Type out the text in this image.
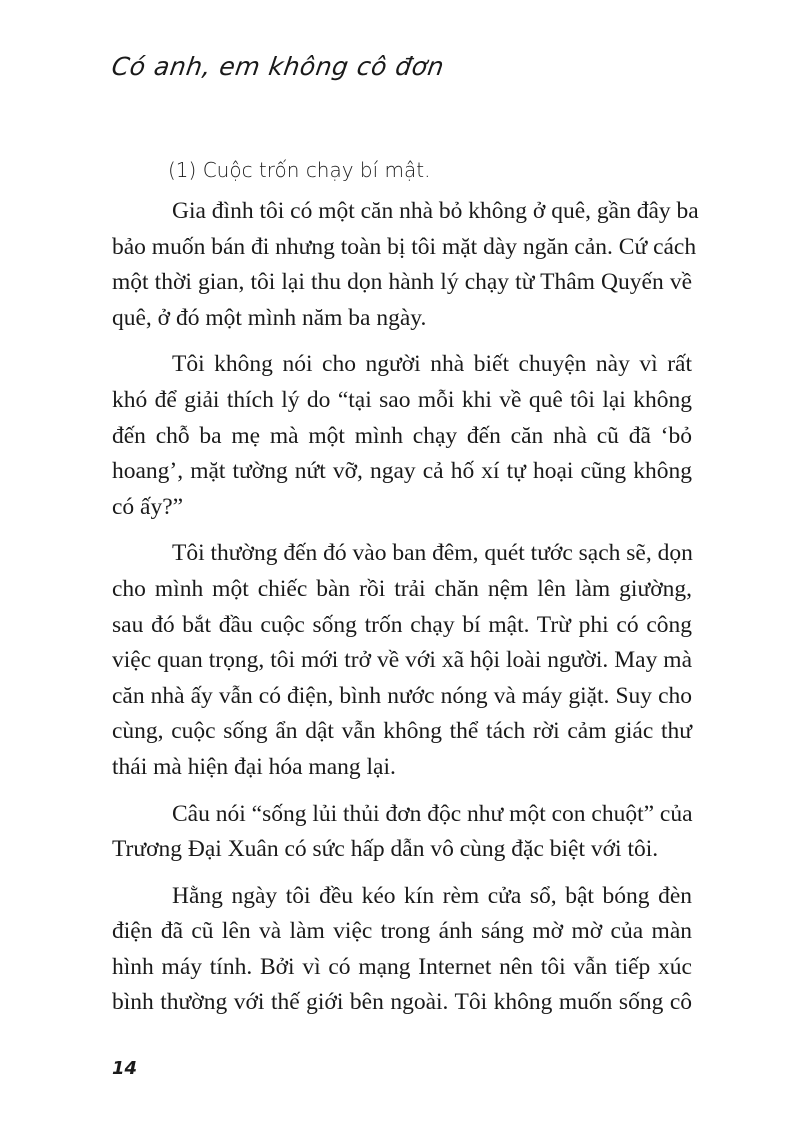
Có anh, em không cô đơn
(1) Cuộc trốn chạy bí mật.
Gia đình tôi có một căn nhà bỏ không ở quê, gần đây ba
bảo muốn bán đi nhưng toàn bị tôi mặt dày ngăn cản. Cứ cách
một thời gian, tôi lại thu dọn hành lý chạy từ Thâm Quyến về
quê, ở đó một mình năm ba ngày.
Tôi không nói cho người nhà biết chuyện này vì rất
khó để giải thích lý do “tại sao mỗi khi về quê tôi lại không
đến chỗ ba mẹ mà một mình chạy đến căn nhà cũ đã ‘bỏ
hoang’, mặt tường nứt vỡ, ngay cả hố xí tự hoại cũng không
có ấy?”
Tôi thường đến đó vào ban đêm, quét tước sạch sẽ, dọn
cho mình một chiếc bàn rồi trải chăn nệm lên làm giường,
sau đó bắt đầu cuộc sống trốn chạy bí mật. Trừ phi có công
việc quan trọng, tôi mới trở về với xã hội loài người. May mà
căn nhà ấy vẫn có điện, bình nước nóng và máy giặt. Suy cho
cùng, cuộc sống ẩn dật vẫn không thể tách rời cảm giác thư
thái mà hiện đại hóa mang lại.
Câu nói “sống lủi thủi đơn độc như một con chuột” của
Trương Đại Xuân có sức hấp dẫn vô cùng đặc biệt với tôi.
Hằng ngày tôi đều kéo kín rèm cửa sổ, bật bóng đèn
điện đã cũ lên và làm việc trong ánh sáng mờ mờ của màn
hình máy tính. Bởi vì có mạng Internet nên tôi vẫn tiếp xúc
bình thường với thế giới bên ngoài. Tôi không muốn sống cô
14
